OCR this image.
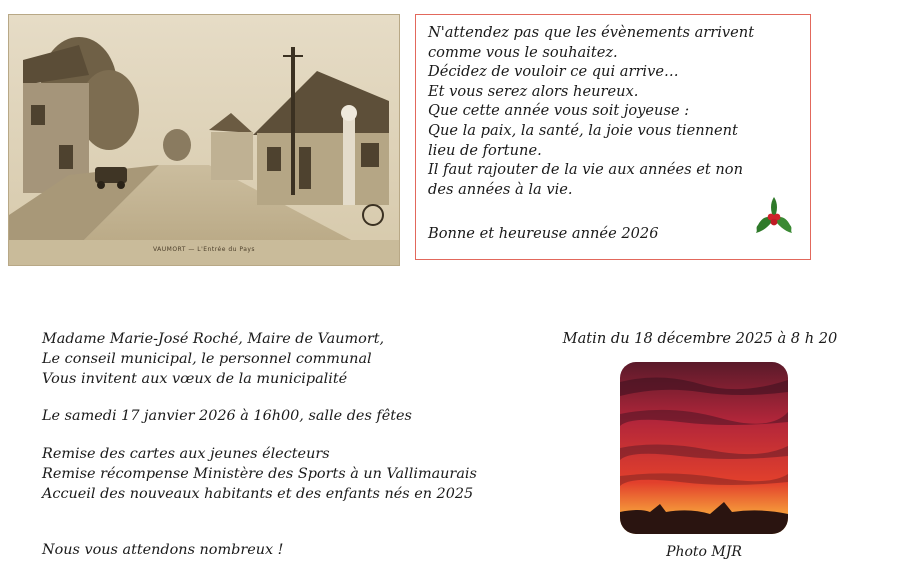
VAUMORT — L'Entrée du Pays
N'attendez pas que les évènements arrivent
comme vous le souhaitez.
Décidez de vouloir ce qui arrive…
Et vous serez alors heureux.
Que cette année vous soit joyeuse :
Que la paix, la santé, la joie vous tiennent
lieu de fortune.
Il faut rajouter de la vie aux années et non
des années à la vie.
Bonne et heureuse année 2026
Madame Marie-José Roché, Maire de Vaumort,
Le conseil municipal, le personnel communal
Vous invitent aux vœux de la municipalité
Le samedi 17 janvier 2026 à 16h00, salle des fêtes
Remise des cartes aux jeunes électeurs
Remise récompense Ministère des Sports à un Vallimaurais
Accueil des nouveaux habitants et des enfants nés en 2025
Nous vous attendons nombreux !
Matin du 18 décembre 2025 à 8 h 20
Photo MJR
